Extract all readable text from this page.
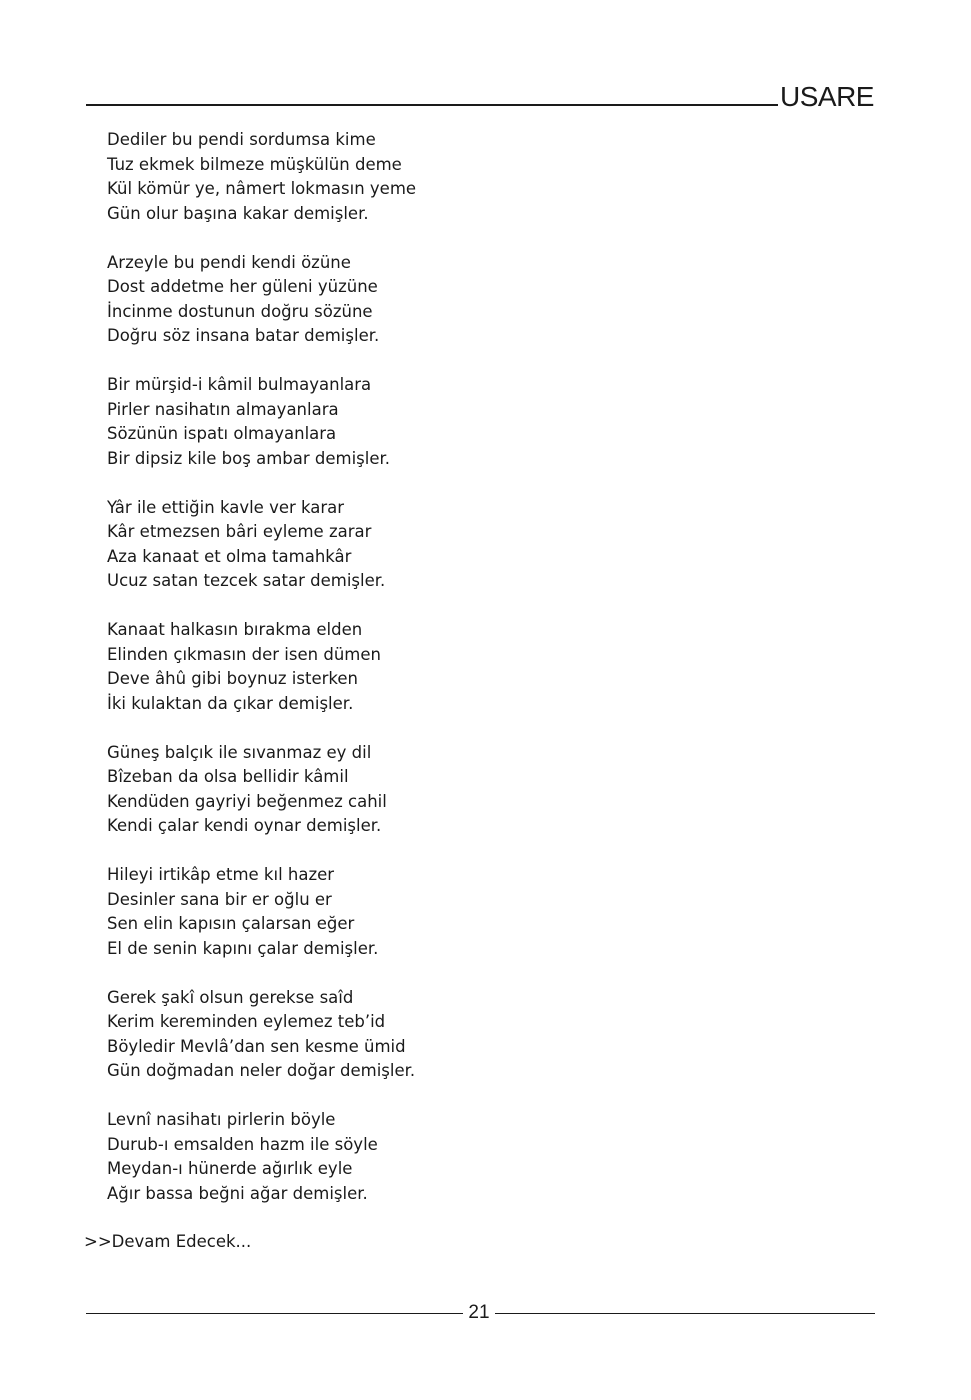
USARE
Dediler bu pendi sordumsa kime
Tuz ekmek bilmeze müşkülün deme
Kül kömür ye, nâmert lokmasın yeme
Gün olur başına kakar demişler.
Arzeyle bu pendi kendi özüne
Dost addetme her güleni yüzüne
İncinme dostunun doğru sözüne
Doğru söz insana batar demişler.
Bir mürşid-i kâmil bulmayanlara
Pirler nasihatın almayanlara
Sözünün ispatı olmayanlara
Bir dipsiz kile boş ambar demişler.
Yâr ile ettiğin kavle ver karar
Kâr etmezsen bâri eyleme zarar
Aza kanaat et olma tamahkâr
Ucuz satan tezcek satar demişler.
Kanaat halkasın bırakma elden
Elinden çıkmasın der isen dümen
Deve âhû gibi boynuz isterken
İki kulaktan da çıkar demişler.
Güneş balçık ile sıvanmaz ey dil
Bîzeban da olsa bellidir kâmil
Kendüden gayriyi beğenmez cahil
Kendi çalar kendi oynar demişler.
Hileyi irtikâp etme kıl hazer
Desinler sana bir er oğlu er
Sen elin kapısın çalarsan eğer
El de senin kapını çalar demişler.
Gerek şakî olsun gerekse saîd
Kerim kereminden eylemez teb’id
Böyledir Mevlâ’dan sen kesme ümid
Gün doğmadan neler doğar demişler.
Levnî nasihatı pirlerin böyle
Durub-ı emsalden hazm ile söyle
Meydan-ı hünerde ağırlık eyle
Ağır bassa beğni ağar demişler.
>>Devam Edecek...
21
